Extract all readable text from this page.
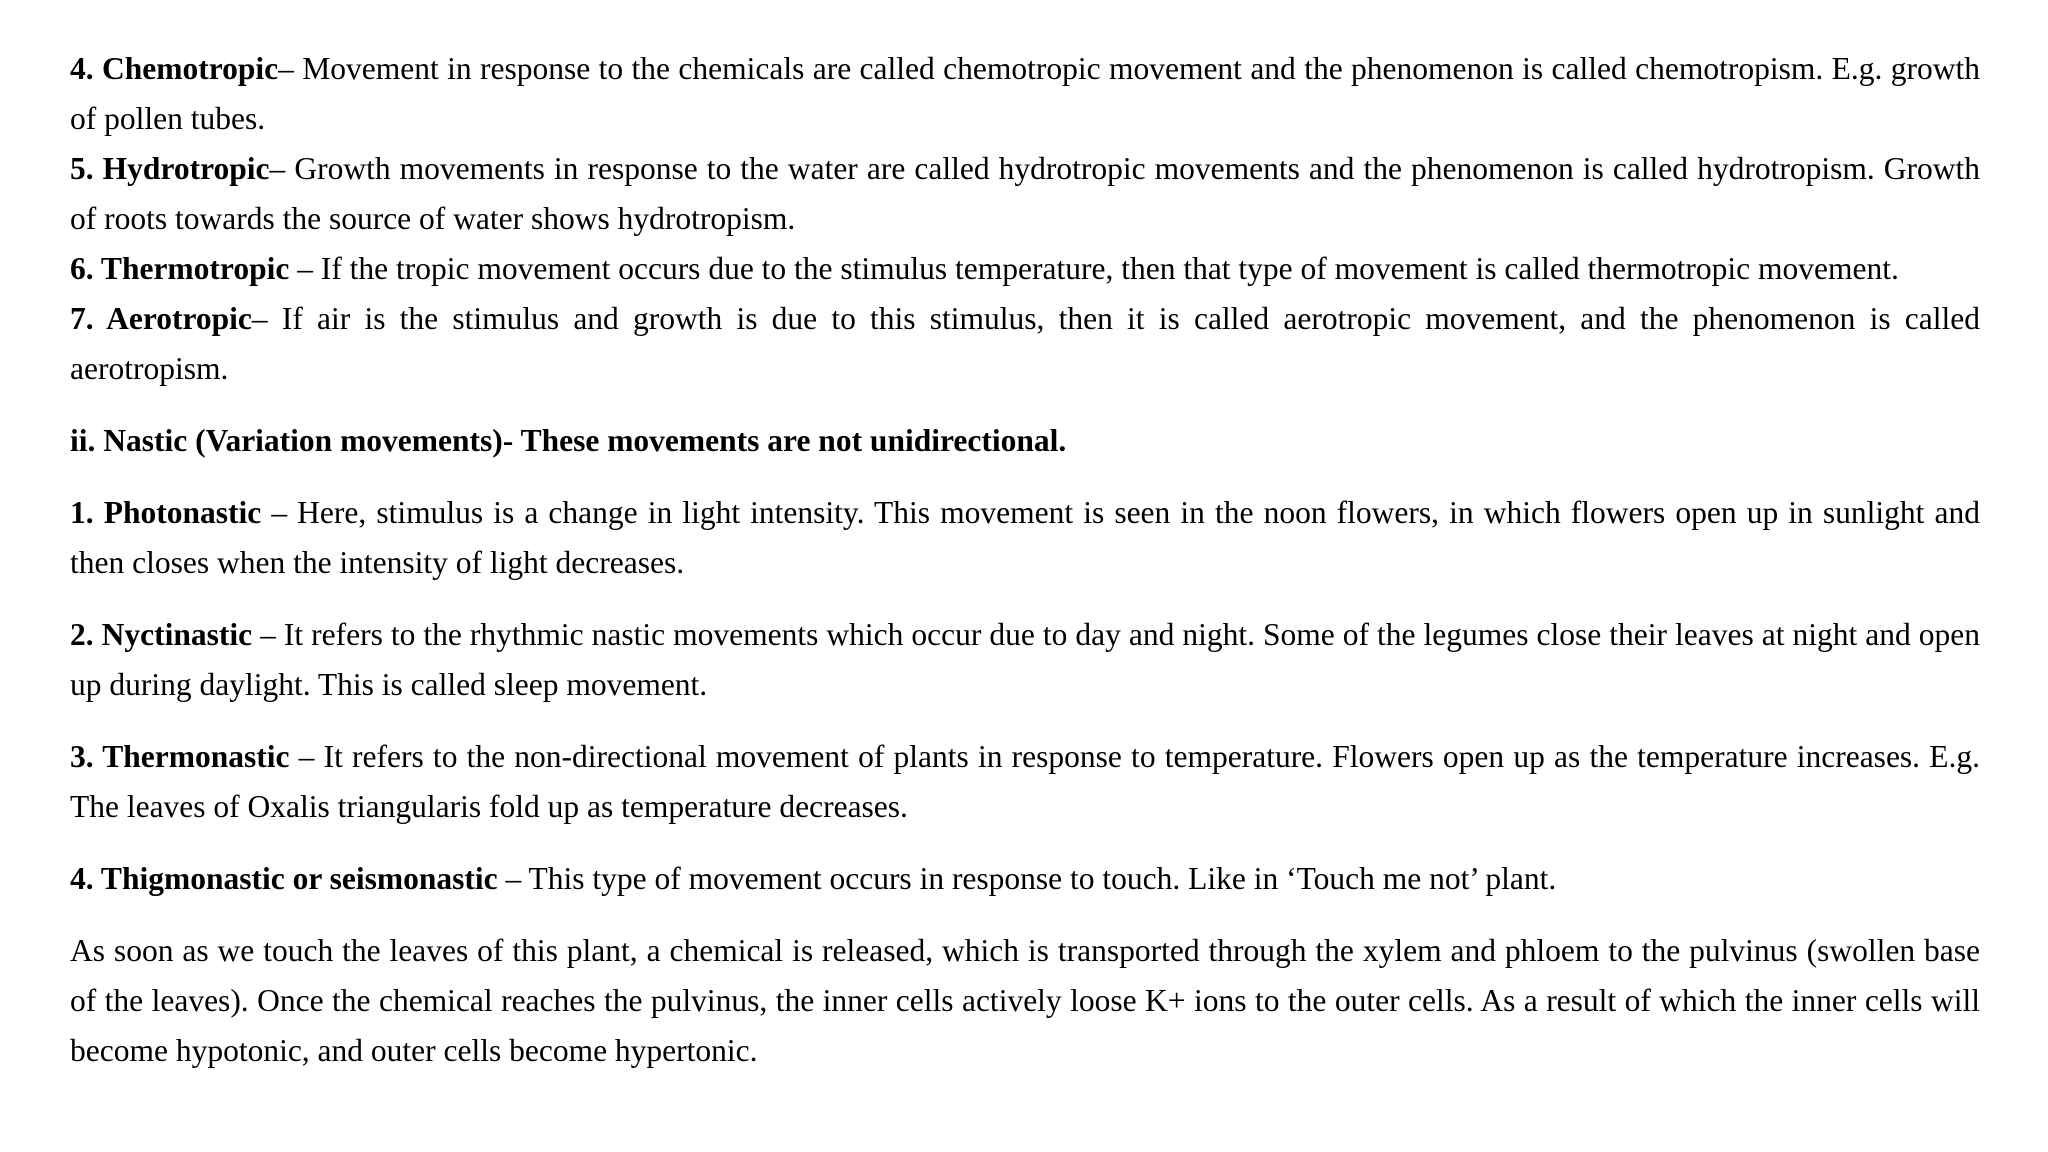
4. Chemotropic– Movement in response to the chemicals are called chemotropic movement and the phenomenon is called chemotropism. E.g. growth of pollen tubes.

5. Hydrotropic– Growth movements in response to the water are called hydrotropic movements and the phenomenon is called hydrotropism. Growth of roots towards the source of water shows hydrotropism.

6. Thermotropic – If the tropic movement occurs due to the stimulus temperature, then that type of movement is called thermotropic movement.

7. Aerotropic– If air is the stimulus and growth is due to this stimulus, then it is called aerotropic movement, and the phenomenon is called aerotropism.

ii. Nastic (Variation movements)- These movements are not unidirectional.

1. Photonastic – Here, stimulus is a change in light intensity. This movement is seen in the noon flowers, in which flowers open up in sunlight and then closes when the intensity of light decreases.

2. Nyctinastic – It refers to the rhythmic nastic movements which occur due to day and night. Some of the legumes close their leaves at night and open up during daylight. This is called sleep movement.

3. Thermonastic – It refers to the non-directional movement of plants in response to temperature. Flowers open up as the temperature increases. E.g. The leaves of Oxalis triangularis fold up as temperature decreases.

4. Thigmonastic or seismonastic – This type of movement occurs in response to touch. Like in ‘Touch me not’ plant.

As soon as we touch the leaves of this plant, a chemical is released, which is transported through the xylem and phloem to the pulvinus (swollen base of the leaves). Once the chemical reaches the pulvinus, the inner cells actively loose K+ ions to the outer cells. As a result of which the inner cells will become hypotonic, and outer cells become hypertonic.
